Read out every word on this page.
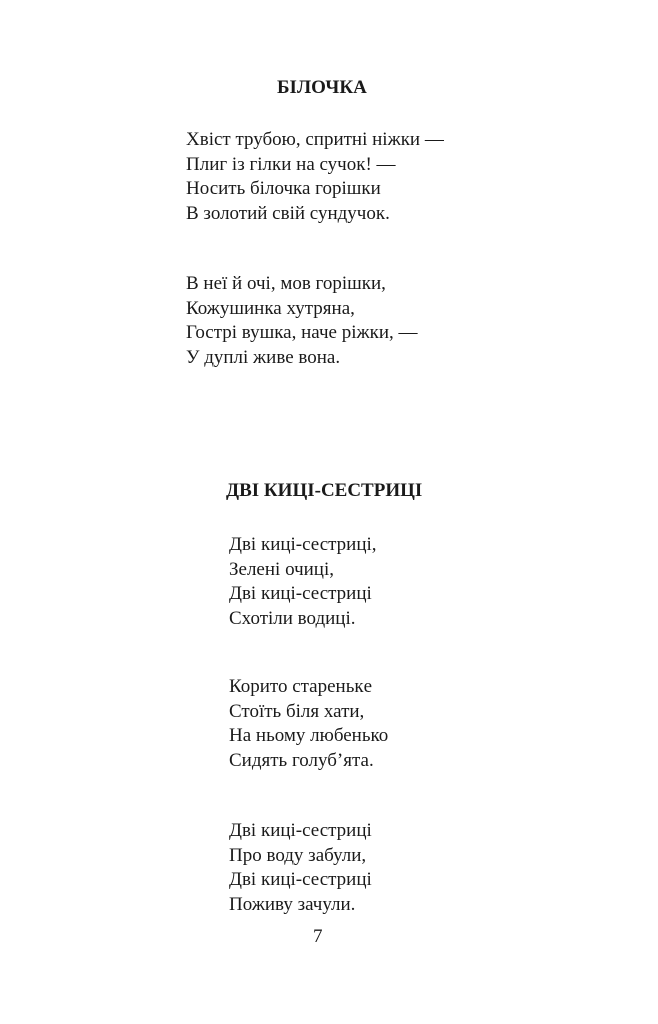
БІЛОЧКА
Хвіст трубою, спритні ніжки —
Плиг із гілки на сучок! —
Носить білочка горішки
В золотий свій сундучок.
В неї й очі, мов горішки,
Кожушинка хутряна,
Гострі вушка, наче ріжки, —
У дуплі живе вона.
ДВІ КИЦІ-СЕСТРИЦІ
Дві киці-сестриці,
Зелені очиці,
Дві киці-сестриці
Схотіли водиці.
Корито старенькe
Стоїть біля хати,
На ньому любенько
Сидять голуб’ята.
Дві киці-сестриці
Про воду забули,
Дві киці-сестриці
Поживу зачули.
7
